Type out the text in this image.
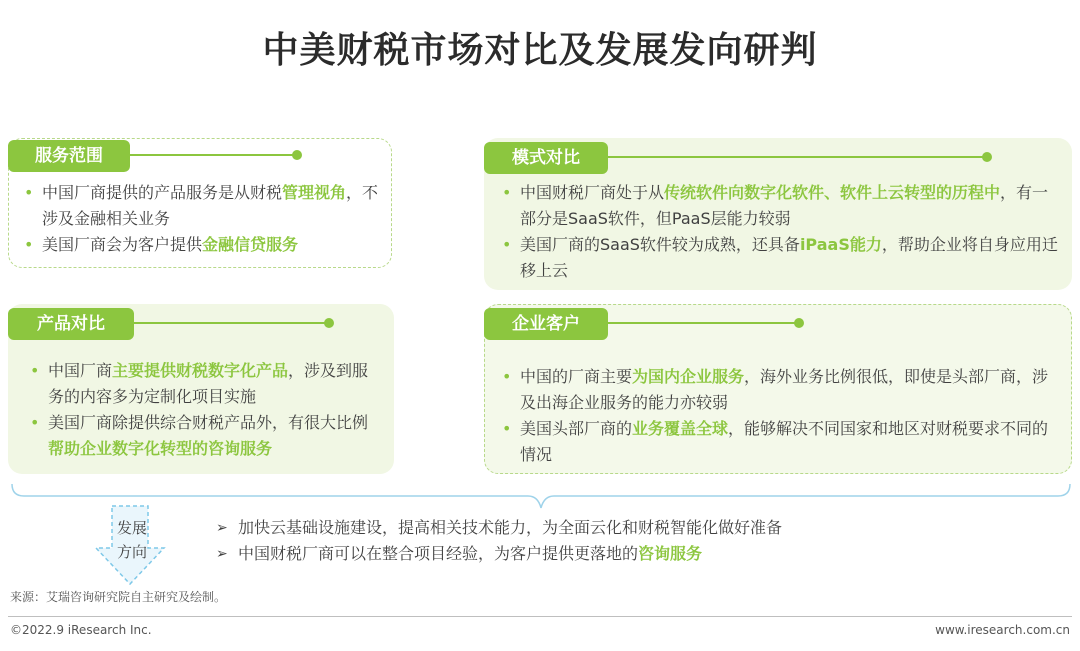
中美财税市场对比及发展发向研判
服务范围
• 中国厂商提供的产品服务是从财税管理视角，不涉及金融相关业务
• 美国厂商会为客户提供金融信贷服务
模式对比
• 中国财税厂商处于从传统软件向数字化软件、软件上云转型的历程中，有一部分是SaaS软件，但PaaS层能力较弱
• 美国厂商的SaaS软件较为成熟，还具备iPaaS能力，帮助企业将自身应用迁移上云
产品对比
• 中国厂商主要提供财税数字化产品，涉及到服务的内容多为定制化项目实施
• 美国厂商除提供综合财税产品外，有很大比例帮助企业数字化转型的咨询服务
企业客户
• 中国的厂商主要为国内企业服务，海外业务比例很低，即使是头部厂商，涉及出海企业服务的能力亦较弱
• 美国头部厂商的业务覆盖全球，能够解决不同国家和地区对财税要求不同的情况
发展
方向
➢ 加快云基础设施建设，提高相关技术能力，为全面云化和财税智能化做好准备
➢ 中国财税厂商可以在整合项目经验，为客户提供更落地的咨询服务
来源：艾瑞咨询研究院自主研究及绘制。
©2022.9 iResearch Inc.	www.iresearch.com.cn
